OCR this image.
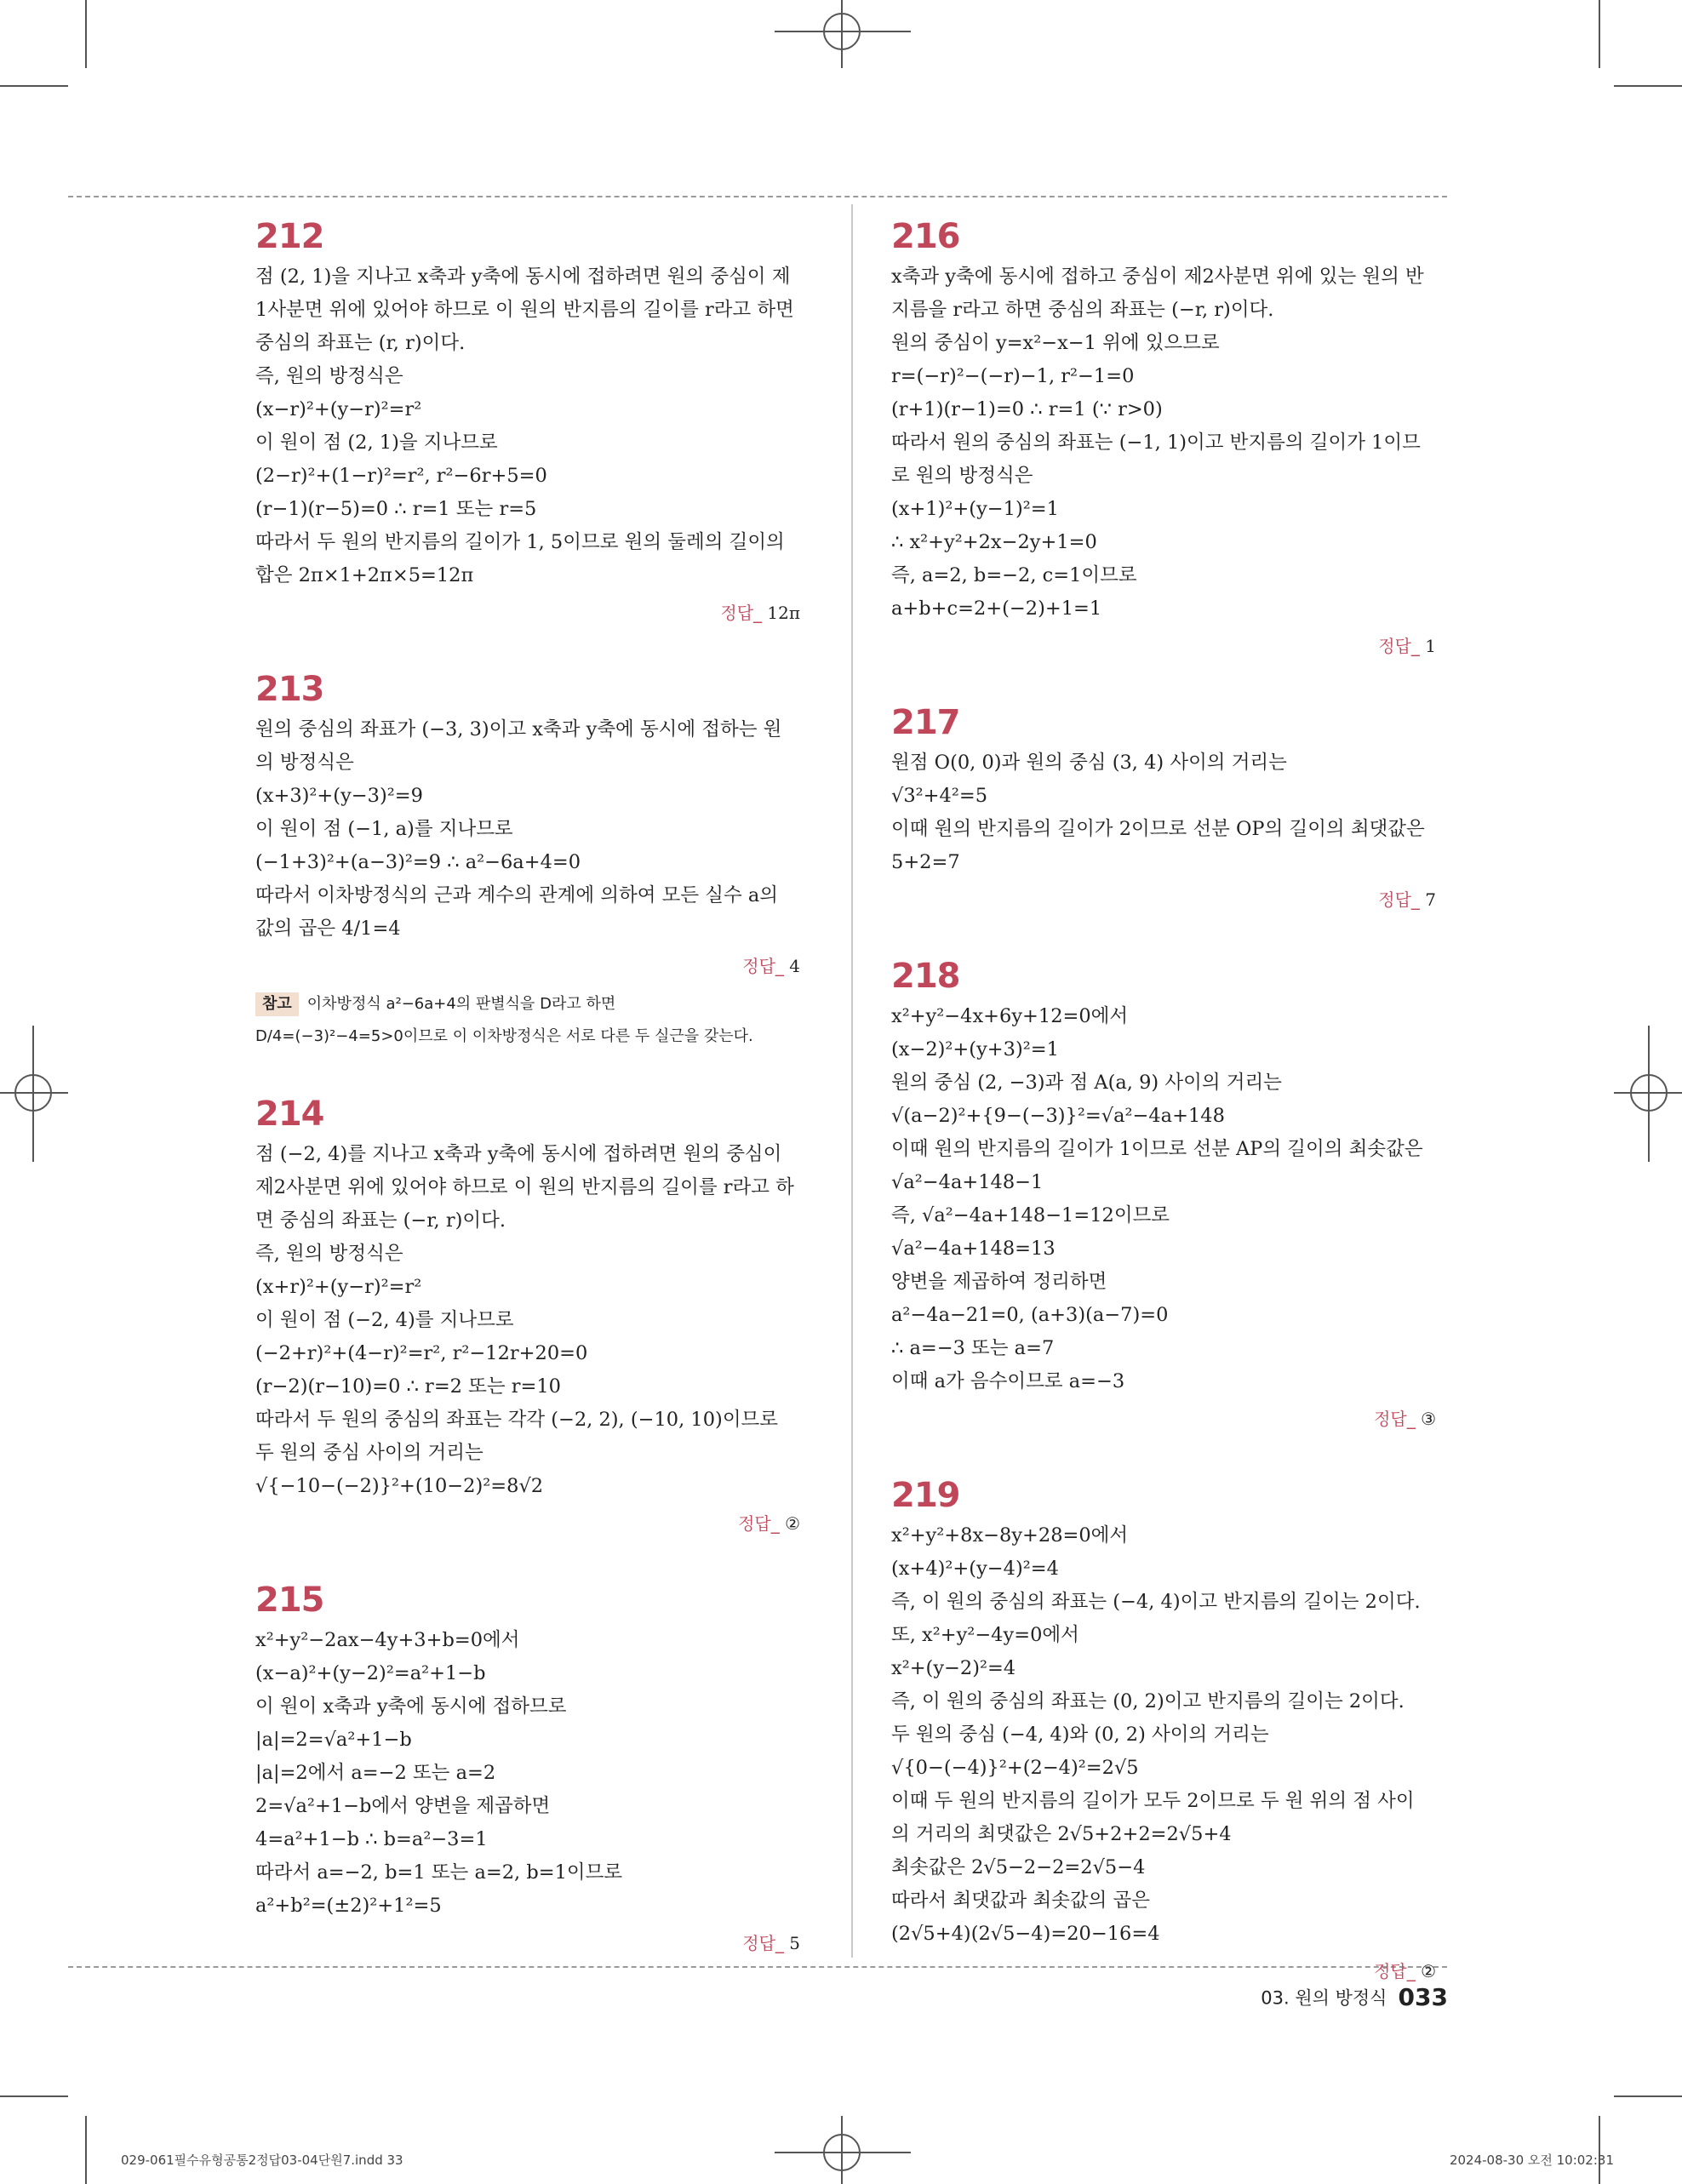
212
점 (2, 1)을 지나고 x축과 y축에 동시에 접하려면 원의 중심이 제
1사분면 위에 있어야 하므로 이 원의 반지름의 길이를 r라고 하면
중심의 좌표는 (r, r)이다.
즉, 원의 방정식은
(x−r)²+(y−r)²=r²
이 원이 점 (2, 1)을 지나므로
(2−r)²+(1−r)²=r², r²−6r+5=0
(r−1)(r−5)=0 ∴ r=1 또는 r=5
따라서 두 원의 반지름의 길이가 1, 5이므로 원의 둘레의 길이의
합은 2π×1+2π×5=12π
정답_ 12π
213
원의 중심의 좌표가 (−3, 3)이고 x축과 y축에 동시에 접하는 원
의 방정식은
(x+3)²+(y−3)²=9
이 원이 점 (−1, a)를 지나므로
(−1+3)²+(a−3)²=9 ∴ a²−6a+4=0
따라서 이차방정식의 근과 계수의 관계에 의하여 모든 실수 a의
값의 곱은 4/1=4
정답_ 4
참고 이차방정식 a²−6a+4의 판별식을 D라고 하면
D/4=(−3)²−4=5>0이므로 이 이차방정식은 서로 다른 두 실근을 갖는다.
214
점 (−2, 4)를 지나고 x축과 y축에 동시에 접하려면 원의 중심이
제2사분면 위에 있어야 하므로 이 원의 반지름의 길이를 r라고 하
면 중심의 좌표는 (−r, r)이다.
즉, 원의 방정식은
(x+r)²+(y−r)²=r²
이 원이 점 (−2, 4)를 지나므로
(−2+r)²+(4−r)²=r², r²−12r+20=0
(r−2)(r−10)=0 ∴ r=2 또는 r=10
따라서 두 원의 중심의 좌표는 각각 (−2, 2), (−10, 10)이므로
두 원의 중심 사이의 거리는
√{−10−(−2)}²+(10−2)²=8√2
정답_ ②
215
x²+y²−2ax−4y+3+b=0에서
(x−a)²+(y−2)²=a²+1−b
이 원이 x축과 y축에 동시에 접하므로
|a|=2=√a²+1−b
|a|=2에서 a=−2 또는 a=2
2=√a²+1−b에서 양변을 제곱하면
4=a²+1−b ∴ b=a²−3=1
따라서 a=−2, b=1 또는 a=2, b=1이므로
a²+b²=(±2)²+1²=5
정답_ 5
216
x축과 y축에 동시에 접하고 중심이 제2사분면 위에 있는 원의 반
지름을 r라고 하면 중심의 좌표는 (−r, r)이다.
원의 중심이 y=x²−x−1 위에 있으므로
r=(−r)²−(−r)−1, r²−1=0
(r+1)(r−1)=0 ∴ r=1 (∵ r>0)
따라서 원의 중심의 좌표는 (−1, 1)이고 반지름의 길이가 1이므
로 원의 방정식은
(x+1)²+(y−1)²=1
∴ x²+y²+2x−2y+1=0
즉, a=2, b=−2, c=1이므로
a+b+c=2+(−2)+1=1
정답_ 1
217
원점 O(0, 0)과 원의 중심 (3, 4) 사이의 거리는
√3²+4²=5
이때 원의 반지름의 길이가 2이므로 선분 OP의 길이의 최댓값은
5+2=7
정답_ 7
218
x²+y²−4x+6y+12=0에서
(x−2)²+(y+3)²=1
원의 중심 (2, −3)과 점 A(a, 9) 사이의 거리는
√(a−2)²+{9−(−3)}²=√a²−4a+148
이때 원의 반지름의 길이가 1이므로 선분 AP의 길이의 최솟값은
√a²−4a+148−1
즉, √a²−4a+148−1=12이므로
√a²−4a+148=13
양변을 제곱하여 정리하면
a²−4a−21=0, (a+3)(a−7)=0
∴ a=−3 또는 a=7
이때 a가 음수이므로 a=−3
정답_ ③
219
x²+y²+8x−8y+28=0에서
(x+4)²+(y−4)²=4
즉, 이 원의 중심의 좌표는 (−4, 4)이고 반지름의 길이는 2이다.
또, x²+y²−4y=0에서
x²+(y−2)²=4
즉, 이 원의 중심의 좌표는 (0, 2)이고 반지름의 길이는 2이다.
두 원의 중심 (−4, 4)와 (0, 2) 사이의 거리는
√{0−(−4)}²+(2−4)²=2√5
이때 두 원의 반지름의 길이가 모두 2이므로 두 원 위의 점 사이
의 거리의 최댓값은 2√5+2+2=2√5+4
최솟값은 2√5−2−2=2√5−4
따라서 최댓값과 최솟값의 곱은
(2√5+4)(2√5−4)=20−16=4
정답_ ②
03. 원의 방정식 033
029-061필수유형공통2정답03-04단원7.indd 33	2024-08-30 오전 10:02:31
